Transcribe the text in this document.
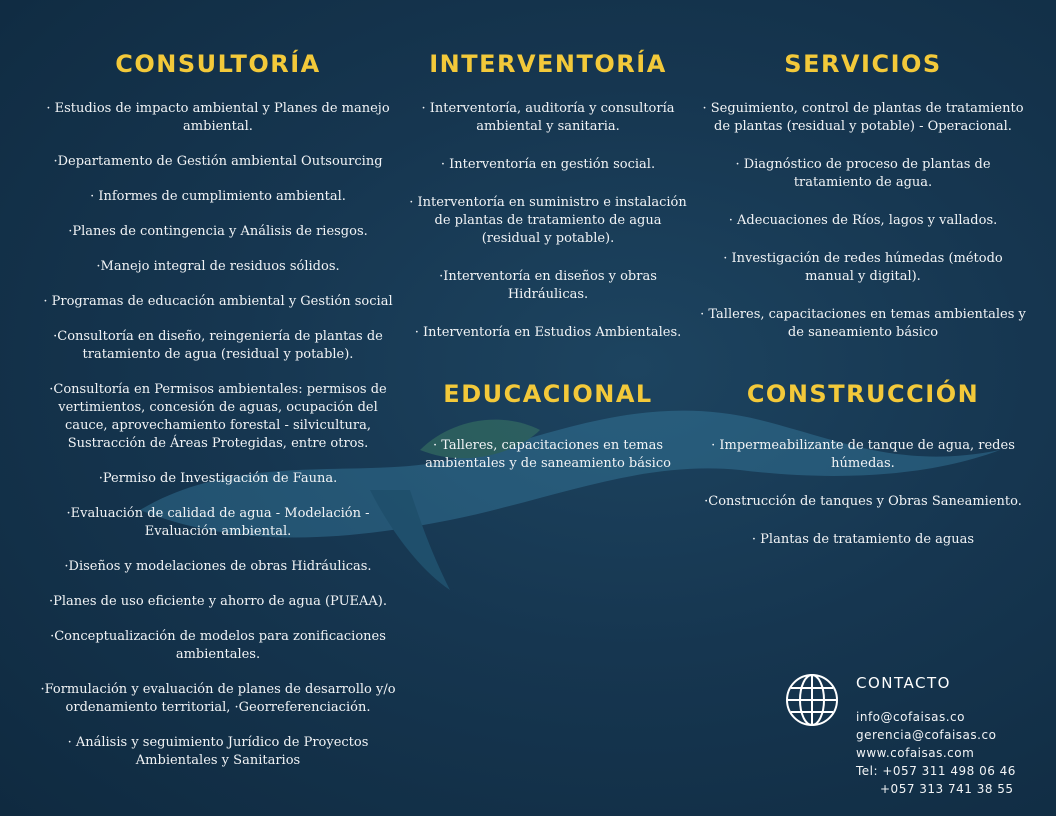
CONSULTORÍA

· Estudios de impacto ambiental y Planes de manejo ambiental.

·Departamento de Gestión ambiental Outsourcing

· Informes de cumplimiento ambiental.

·Planes de contingencia y Análisis de riesgos.

·Manejo integral de residuos sólidos.

· Programas de educación ambiental y Gestión social

·Consultoría en diseño, reingeniería de plantas de tratamiento de agua (residual y potable).

·Consultoría en Permisos ambientales: permisos de vertimientos, concesión de aguas, ocupación del cauce, aprovechamiento forestal - silvicultura, Sustracción de Áreas Protegidas, entre otros.

·Permiso de Investigación de Fauna.

·Evaluación de calidad de agua - Modelación - Evaluación ambiental.

·Diseños y modelaciones de obras Hidráulicas.

·Planes de uso eficiente y ahorro de agua (PUEAA).

·Conceptualización de modelos para zonificaciones ambientales.

·Formulación y evaluación de planes de desarrollo y/o ordenamiento territorial, ·Georreferenciación.

· Análisis y seguimiento Jurídico de Proyectos Ambientales y Sanitarios

INTERVENTORÍA

· Interventoría, auditoría y consultoría ambiental y sanitaria.

· Interventoría en gestión social.

· Interventoría en suministro e instalación de plantas de tratamiento de agua (residual y potable).

·Interventoría en diseños y obras Hidráulicas.

· Interventoría en Estudios Ambientales.

SERVICIOS

· Seguimiento, control de plantas de tratamiento de plantas (residual y potable) - Operacional.

· Diagnóstico de proceso de plantas de tratamiento de agua.

· Adecuaciones de Ríos, lagos y vallados.

· Investigación de redes húmedas (método manual y digital).

· Talleres, capacitaciones en temas ambientales y de saneamiento básico

EDUCACIONAL

· Talleres, capacitaciones en temas ambientales y de saneamiento básico

CONSTRUCCIÓN

· Impermeabilizante de tanque de agua, redes húmedas.

·Construcción de tanques y Obras Saneamiento.

· Plantas de tratamiento de aguas

CONTACTO
info@cofaisas.co
gerencia@cofaisas.co
www.cofaisas.com
Tel: +057 311 498 06 46
+057 313 741 38 55
